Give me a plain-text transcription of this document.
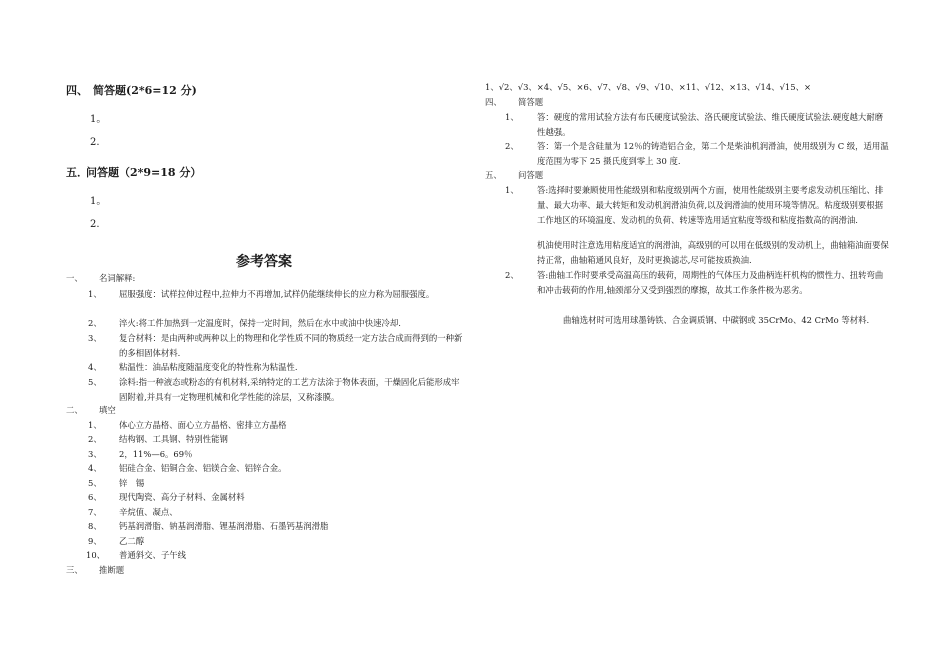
四、 简答题(2*6=12 分)
1。
2.
五．
问答题（2*9=18 分）
1。
2.
参考答案
一、 名词解释:
1、 屈服强度：试样拉伸过程中,拉伸力不再增加,试样仍能继续伸长的应力称为屈服强度。
2、 淬火:将工件加热到一定温度时，保持一定时间，然后在水中或油中快速冷却.
3、 复合材料：是由两种或两种以上的物理和化学性质不同的物质经一定方法合成而得到的一种新的多相固体材料.
4、 粘温性：油品粘度随温度变化的特性称为粘温性.
5、 涂料:指一种液态或粉态的有机材料,采纳特定的工艺方法涂于物体表面，干燥固化后能形成牢固附着,并具有一定物理机械和化学性能的涂层，又称漆膜。
二、 填空
1、 体心立方晶格、面心立方晶格、密排立方晶格
2、 结构钢、工具钢、特别性能钢
3、 2，11%—6。69％
4、 铝硅合金、铝铜合金、铝镁合金、铝锌合金。
5、 锌　锡
6、 现代陶瓷、高分子材料、金属材料
7、 辛烷值、凝点、
8、 钙基润滑脂、钠基润滑脂、锂基润滑脂、石墨钙基润滑脂
9、 乙二醇
10、 普通斜交、子午线
三、 推断题
1、√2、√3、×4、√5、×6、√7、√8、√9、√10、×11、√12、×13、√14、√15、×
四、 简答题
1、 答：硬度的常用试验方法有布氏硬度试验法、洛氏硬度试验法、维氏硬度试验法.硬度越大耐磨性越强。
2、 答：第一个是含硅量为 12％的铸造铝合金，第二个是柴油机润滑油，使用级别为 C 级，适用温度范围为零下 25 摄氏度到零上 30 度.
五、 问答题
1、 答:选择时要兼顾使用性能级别和粘度级别两个方面，使用性能级别主要考虑发动机压缩比、排量、最大功率、最大转矩和发动机润滑油负荷,以及润滑油的使用环境等情况。粘度级别要根据工作地区的环境温度、发动机的负荷、转速等选用适宜粘度等级和粘度指数高的润滑油.
机油使用时注意选用粘度适宜的润滑油，高级别的可以用在低级别的发动机上，曲轴箱油面要保持正常，曲轴箱通风良好，及时更换滤芯,尽可能按质换油.
2、 答:曲轴工作时要承受高温高压的载荷，周期性的气体压力及曲柄连杆机构的惯性力、扭转弯曲和冲击载荷的作用,轴颈部分又受到强烈的摩擦，故其工作条件极为恶劣。
曲轴选材时可选用球墨铸铁、合金调质钢、中碳钢或 35CrMo、42 CrMo 等材料.
